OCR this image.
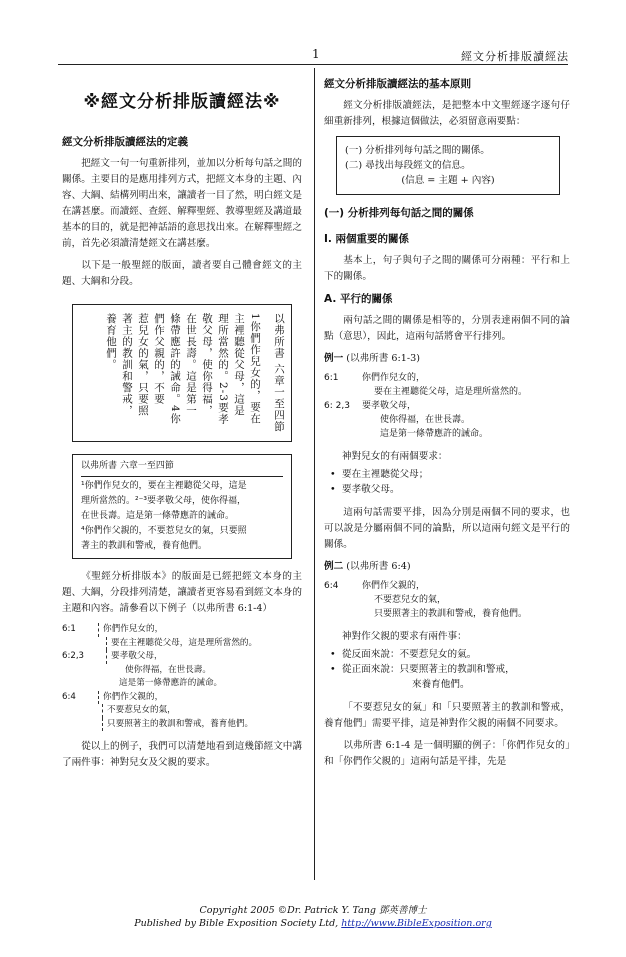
1	經文分析排版讀經法
※經文分析排版讀經法※
經文分析排版讀經法的定義

把經文一句一句重新排列，並加以分析每句話之間的關係。主要目的是應用排列方式，把經文本身的主題、內容、大綱、結構列明出來，讓讀者一目了然，明白經文是在講甚麼。而讀經、查經、解釋聖經、教導聖經及講道最基本的目的，就是把神話語的意思找出來。在解釋聖經之前，首先必須讀清楚經文在講甚麼。

以下是一般聖經的版面，讀者要自己體會經文的主題、大綱和分段。

以弗所書 六章一至四節
1你們作兒女的，要在
主裡聽從父母，這是
理所當然的。2-3要孝
敬父母，使你得福，
在世長壽。這是第一
條帶應許的誡命。4你
們作父親的，不要
惹兒女的氣，只要照
著主的教訓和警戒，
養育他們。
以弗所書 六章一至四節
¹你們作兒女的，要在主裡聽從父母，這是
理所當然的。²⁻³要孝敬父母，使你得福，
在世長壽。這是第一條帶應許的誡命。
⁴你們作父親的，不要惹兒女的氣，只要照
著主的教訓和警戒，養育他們。

《聖經分析排版本》的版面是已經把經文本身的主題、大綱，分段排列清楚，讓讀者更容易看到經文本身的主題和內容。請參看以下例子（以弗所書 6:1-4）

6:1	你們作兒女的，
要在主裡聽從父母，這是理所當然的。
6:2,3	要孝敬父母，
使你得福，在世長壽。
這是第一條帶應許的誡命。
6:4	你們作父親的，
不要惹兒女的氣，
只要照著主的教訓和警戒，養育他們。

從以上的例子，我們可以清楚地看到這幾節經文中講了兩件事：神對兒女及父親的要求。

經文分析排版讀經法的基本原則

經文分析排版讀經法，是把整本中文聖經逐字逐句仔細重新排列，根據這個做法，必須留意兩要點：

(一) 分析排列每句話之間的關係。
(二) 尋找出每段經文的信息。
(信息 = 主題 + 內容)
(一) 分析排列每句話之間的關係
I. 兩個重要的關係

基本上，句子與句子之間的關係可分兩種：平行和上下的關係。

A. 平行的關係

兩句話之間的關係是相等的，分別表達兩個不同的論點（意思），因此，這兩句話將會平行排列。

例一 (以弗所書 6:1-3)
6:1	你們作兒女的，
要在主裡聽從父母，這是理所當然的。
6: 2,3	要孝敬父母，
使你得福，在世長壽。
這是第一條帶應許的誡命。
神對兒女的有兩個要求：
• 要在主裡聽從父母；
• 要孝敬父母。

這兩句話需要平排，因為分別是兩個不同的要求，也可以說是分屬兩個不同的論點，所以這兩句經文是平行的關係。

例二 (以弗所書 6:4)
6:4	你們作父親的，
不要惹兒女的氣，
只要照著主的教訓和警戒，養育他們。
神對作父親的要求有兩件事：
• 從反面來說：不要惹兒女的氣。
• 從正面來說：只要照著主的教訓和警戒，
來養育他們。

「不要惹兒女的氣」和「只要照著主的教訓和警戒，養育他們」需要平排，這是神對作父親的兩個不同要求。

以弗所書 6:1-4 是一個明顯的例子：「你們作兒女的」和「你們作父親的」這兩句話是平排，先是

Copyright 2005 ©Dr. Patrick Y. Tang 鄧英善博士
Published by Bible Exposition Society Ltd, http://www.BibleExposition.org
